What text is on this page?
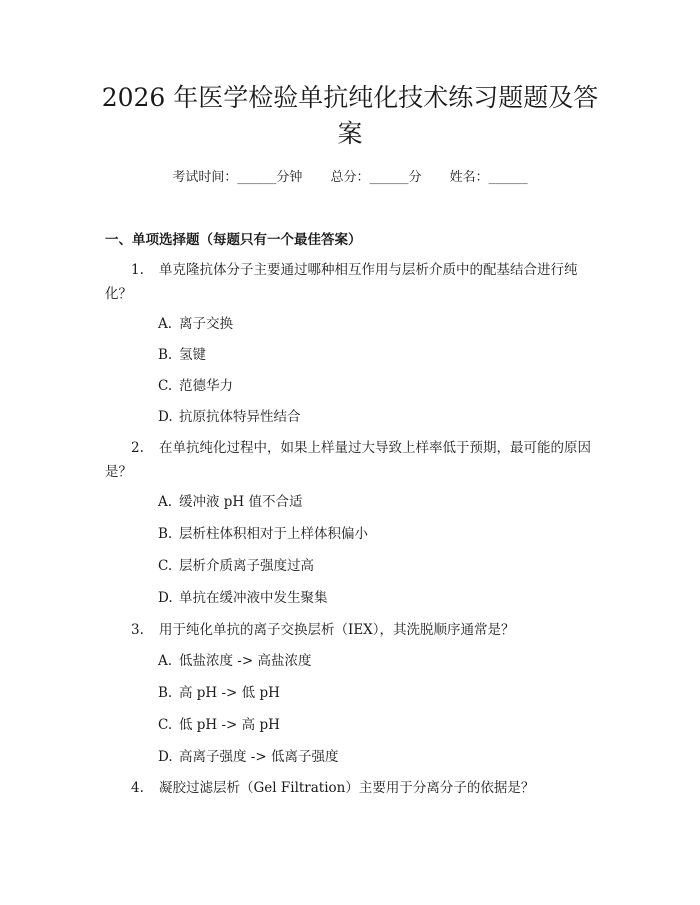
2026 年医学检验单抗纯化技术练习题题及答案
考试时间：______分钟 总分：______分 姓名：______
一、单项选择题（每题只有一个最佳答案）
1. 单克隆抗体分子主要通过哪种相互作用与层析介质中的配基结合进行纯化？
A. 离子交换
B. 氢键
C. 范德华力
D. 抗原抗体特异性结合
2. 在单抗纯化过程中，如果上样量过大导致上样率低于预期，最可能的原因是？
A. 缓冲液 pH 值不合适
B. 层析柱体积相对于上样体积偏小
C. 层析介质离子强度过高
D. 单抗在缓冲液中发生聚集
3. 用于纯化单抗的离子交换层析（IEX），其洗脱顺序通常是？
A. 低盐浓度 -> 高盐浓度
B. 高 pH -> 低 pH
C. 低 pH -> 高 pH
D. 高离子强度 -> 低离子强度
4. 凝胶过滤层析（Gel Filtration）主要用于分离分子的依据是？
